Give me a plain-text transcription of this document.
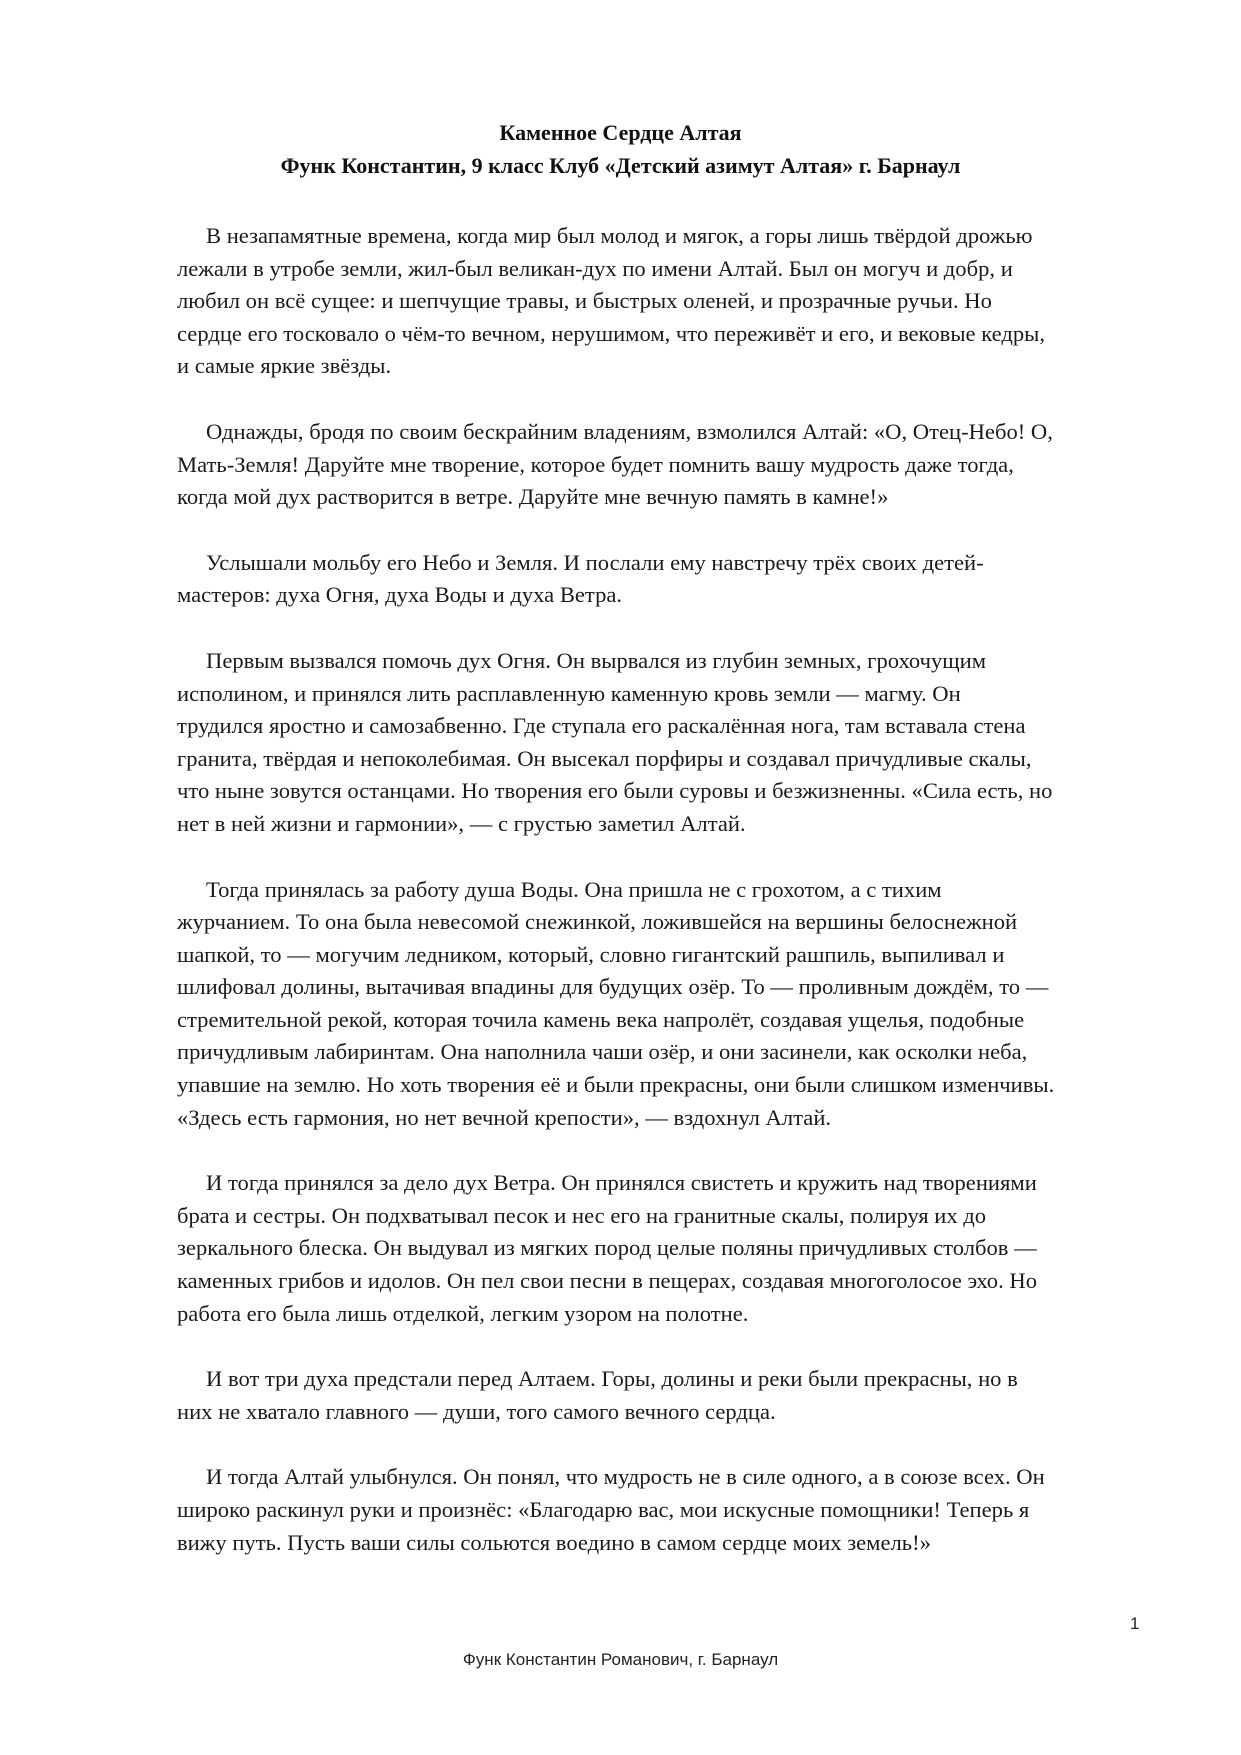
Каменное Сердце Алтая
Функ Константин, 9 класс Клуб «Детский азимут Алтая» г. Барнаул

В незапамятные времена, когда мир был молод и мягок, а горы лишь твёрдой дрожью
лежали в утробе земли, жил-был великан-дух по имени Алтай. Был он могуч и добр, и
любил он всё сущее: и шепчущие травы, и быстрых оленей, и прозрачные ручьи. Но
сердце его тосковало о чём-то вечном, нерушимом, что переживёт и его, и вековые кедры,
и самые яркие звёзды.

Однажды, бродя по своим бескрайним владениям, взмолился Алтай: «О, Отец-Небо! О,
Мать-Земля! Даруйте мне творение, которое будет помнить вашу мудрость даже тогда,
когда мой дух растворится в ветре. Даруйте мне вечную память в камне!»

Услышали мольбу его Небо и Земля. И послали ему навстречу трёх своих детей-
мастеров: духа Огня, духа Воды и духа Ветра.

Первым вызвался помочь дух Огня. Он вырвался из глубин земных, грохочущим
исполином, и принялся лить расплавленную каменную кровь земли — магму. Он
трудился яростно и самозабвенно. Где ступала его раскалённая нога, там вставала стена
гранита, твёрдая и непоколебимая. Он высекал порфиры и создавал причудливые скалы,
что ныне зовутся останцами. Но творения его были суровы и безжизненны. «Сила есть, но
нет в ней жизни и гармонии», — с грустью заметил Алтай.

Тогда принялась за работу душа Воды. Она пришла не с грохотом, а с тихим
журчанием. То она была невесомой снежинкой, ложившейся на вершины белоснежной
шапкой, то — могучим ледником, который, словно гигантский рашпиль, выпиливал и
шлифовал долины, вытачивая впадины для будущих озёр. То — проливным дождём, то —
стремительной рекой, которая точила камень века напролёт, создавая ущелья, подобные
причудливым лабиринтам. Она наполнила чаши озёр, и они засинели, как осколки неба,
упавшие на землю. Но хоть творения её и были прекрасны, они были слишком изменчивы.
«Здесь есть гармония, но нет вечной крепости», — вздохнул Алтай.

И тогда принялся за дело дух Ветра. Он принялся свистеть и кружить над творениями
брата и сестры. Он подхватывал песок и нес его на гранитные скалы, полируя их до
зеркального блеска. Он выдувал из мягких пород целые поляны причудливых столбов —
каменных грибов и идолов. Он пел свои песни в пещерах, создавая многоголосое эхо. Но
работа его была лишь отделкой, легким узором на полотне.

И вот три духа предстали перед Алтаем. Горы, долины и реки были прекрасны, но в
них не хватало главного — души, того самого вечного сердца.

И тогда Алтай улыбнулся. Он понял, что мудрость не в силе одного, а в союзе всех. Он
широко раскинул руки и произнёс: «Благодарю вас, мои искусные помощники! Теперь я
вижу путь. Пусть ваши силы сольются воедино в самом сердце моих земель!»

1
Функ Константин Романович, г. Барнаул
